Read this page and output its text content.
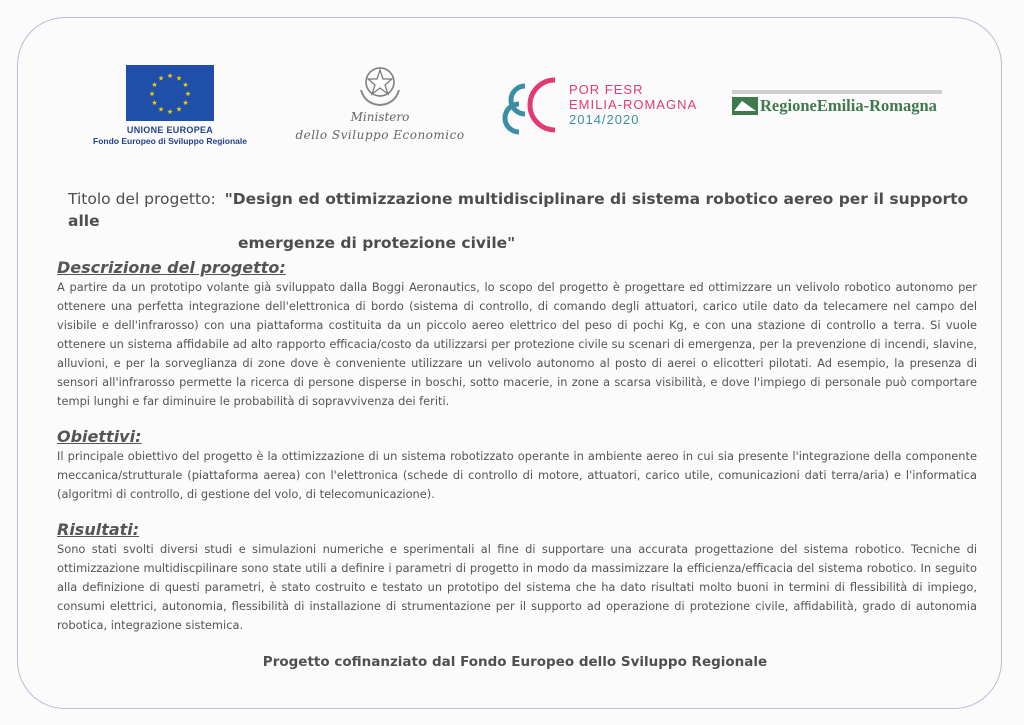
★ ★
★
★
★
★
★
★
★
★
★
★
UNIONE EUROPEA
Fondo Europeo di Sviluppo Regionale
Ministero
dello Sviluppo Economico
POR FESR
EMILIA-ROMAGNA
2014/2020
RegioneEmilia-Romagna
Titolo del progetto: "Design ed ottimizzazione multidisciplinare di sistema robotico aereo per il supporto alle
emergenze di protezione civile"
Descrizione del progetto:

A partire da un prototipo volante già sviluppato dalla Boggi Aeronautics, lo scopo del progetto è progettare ed ottimizzare un velivolo robotico autonomo per ottenere una perfetta integrazione dell'elettronica di bordo (sistema di controllo, di comando degli attuatori, carico utile dato da telecamere nel campo del visibile e dell'infrarosso) con una piattaforma costituita da un piccolo aereo elettrico del peso di pochi Kg, e con una stazione di controllo a terra. Si vuole ottenere un sistema affidabile ad alto rapporto efficacia/costo da utilizzarsi per protezione civile su scenari di emergenza, per la prevenzione di incendi, slavine, alluvioni, e per la sorveglianza di zone dove è conveniente utilizzare un velivolo autonomo al posto di aerei o elicotteri pilotati. Ad esempio, la presenza di sensori all'infrarosso permette la ricerca di persone disperse in boschi, sotto macerie, in zone a scarsa visibilità, e dove l'impiego di personale può comportare tempi lunghi e far diminuire le probabilità di sopravvivenza dei feriti.

Obiettivi:

Il principale obiettivo del progetto è la ottimizzazione di un sistema robotizzato operante in ambiente aereo in cui sia presente l'integrazione della componente meccanica/strutturale (piattaforma aerea) con l'elettronica (schede di controllo di motore, attuatori, carico utile, comunicazioni dati terra/aria) e l'informatica (algoritmi di controllo, di gestione del volo, di telecomunicazione).

Risultati:

Sono stati svolti diversi studi e simulazioni numeriche e sperimentali al fine di supportare una accurata progettazione del sistema robotico. Tecniche di ottimizzazione multidiscpilinare sono state utili a definire i parametri di progetto in modo da massimizzare la efficienza/efficacia del sistema robotico. In seguito alla definizione di questi parametri, è stato costruito e testato un prototipo del sistema che ha dato risultati molto buoni in termini di flessibilità di impiego, consumi elettrici, autonomia, flessibilità di installazione di strumentazione per il supporto ad operazione di protezione civile, affidabilità, grado di autonomia robotica, integrazione sistemica.

Progetto cofinanziato dal Fondo Europeo dello Sviluppo Regionale
